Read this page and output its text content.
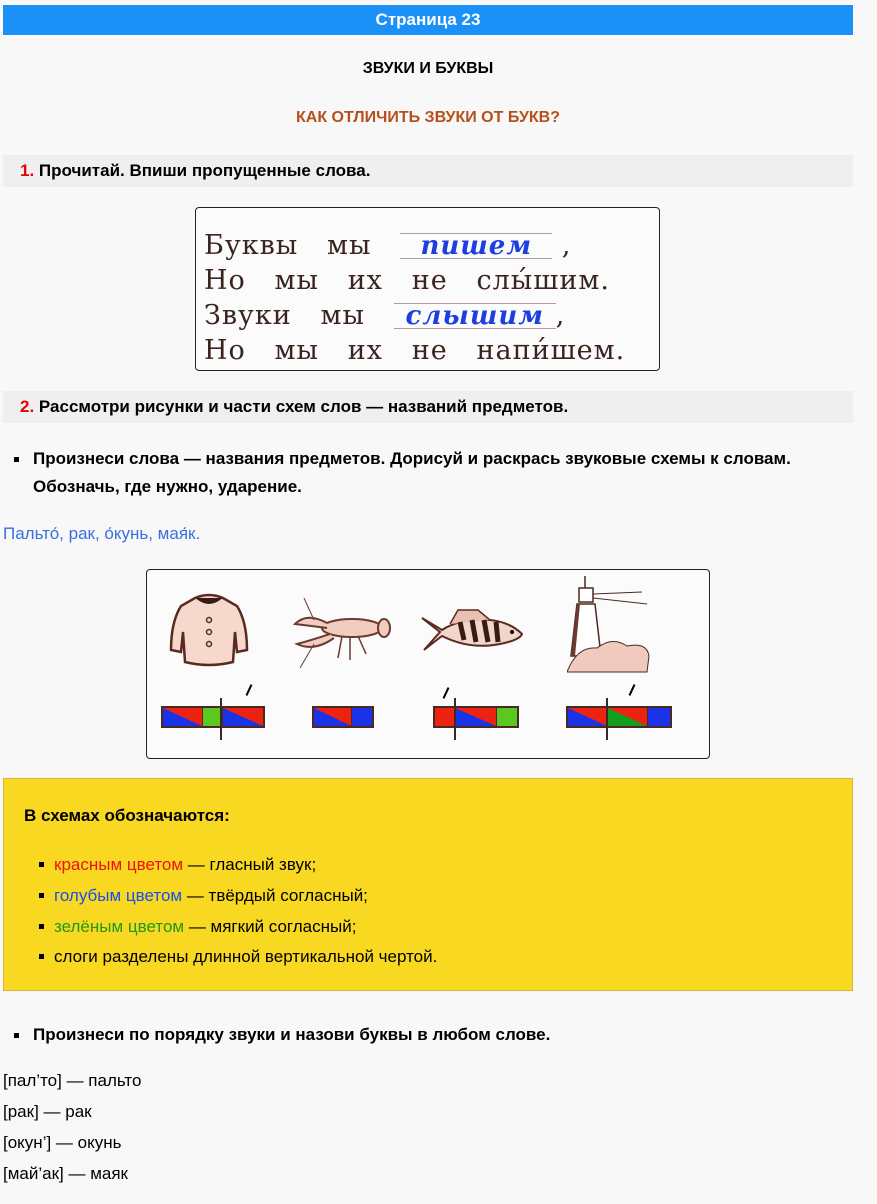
Страница 23
ЗВУКИ И БУКВЫ
КАК ОТЛИЧИТЬ ЗВУКИ ОТ БУКВ?
1. Прочитай. Впиши пропущенные слова.
Буквы   мы   пишем ,
Но   мы   их   не   слы́шим.
Звуки   мы   слышим ,
Но   мы   их   не   напи́шем.
2. Рассмотри рисунки и части схем слов — названий предметов.
Произнеси слова — названия предметов. Дорисуй и раскрась звуковые схемы к словам. Обозначь, где нужно, ударение.
Пальто́, рак, о́кунь, мая́к.
В схемах обозначаются:
красным цветом — гласный звук;
голубым цветом — твёрдый согласный;
зелёным цветом — мягкий согласный;
слоги разделены длинной вертикальной чертой.
Произнеси по порядку звуки и назови буквы в любом слове.
[пал’то] — пальто
[рак] — рак
[окун’] — окунь
[май’ак] — маяк
